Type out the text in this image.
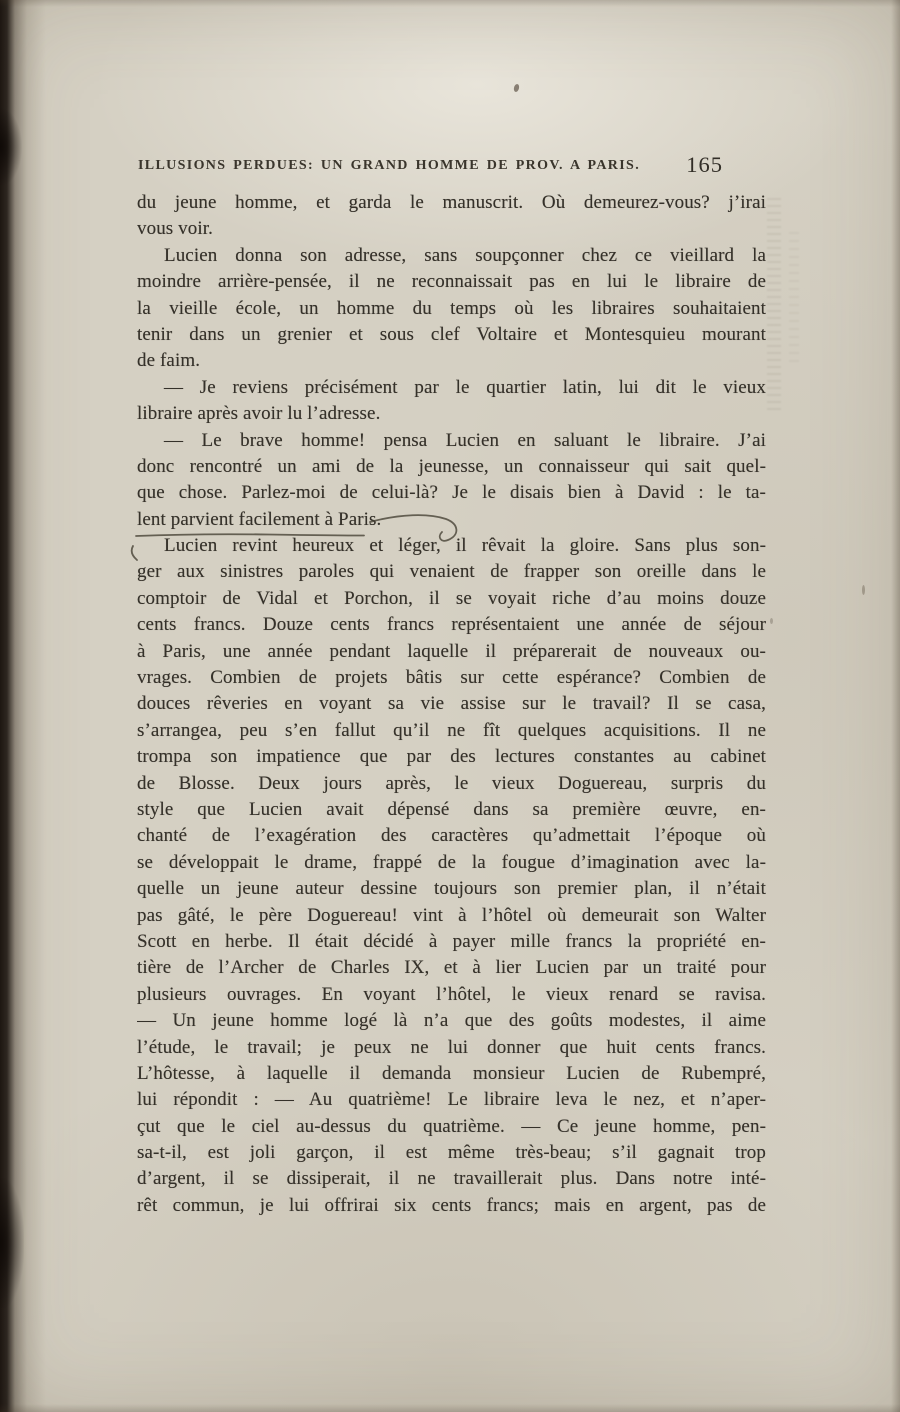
ILLUSIONS PERDUES: UN GRAND HOMME DE PROV. A PARIS. 165
du jeune homme, et garda le manuscrit. Où demeurez-vous? j’irai
vous voir.
Lucien donna son adresse, sans soupçonner chez ce vieillard la
moindre arrière-pensée, il ne reconnaissait pas en lui le libraire de
la vieille école, un homme du temps où les libraires souhaitaient
tenir dans un grenier et sous clef Voltaire et Montesquieu mourant
de faim.
— Je reviens précisément par le quartier latin, lui dit le vieux
libraire après avoir lu l’adresse.
— Le brave homme! pensa Lucien en saluant le libraire. J’ai
donc rencontré un ami de la jeunesse, un connaisseur qui sait quel-
que chose. Parlez-moi de celui-là? Je le disais bien à David : le ta-
lent parvient facilement à Paris.
Lucien revint heureux et léger, il rêvait la gloire. Sans plus son-
ger aux sinistres paroles qui venaient de frapper son oreille dans le
comptoir de Vidal et Porchon, il se voyait riche d’au moins douze
cents francs. Douze cents francs représentaient une année de séjour
à Paris, une année pendant laquelle il préparerait de nouveaux ou-
vrages. Combien de projets bâtis sur cette espérance? Combien de
douces rêveries en voyant sa vie assise sur le travail? Il se casa,
s’arrangea, peu s’en fallut qu’il ne fît quelques acquisitions. Il ne
trompa son impatience que par des lectures constantes au cabinet
de Blosse. Deux jours après, le vieux Doguereau, surpris du
style que Lucien avait dépensé dans sa première œuvre, en-
chanté de l’exagération des caractères qu’admettait l’époque où
se développait le drame, frappé de la fougue d’imagination avec la-
quelle un jeune auteur dessine toujours son premier plan, il n’était
pas gâté, le père Doguereau! vint à l’hôtel où demeurait son Walter
Scott en herbe. Il était décidé à payer mille francs la propriété en-
tière de l’Archer de Charles IX, et à lier Lucien par un traité pour
plusieurs ouvrages. En voyant l’hôtel, le vieux renard se ravisa.
— Un jeune homme logé là n’a que des goûts modestes, il aime
l’étude, le travail; je peux ne lui donner que huit cents francs.
L’hôtesse, à laquelle il demanda monsieur Lucien de Rubempré,
lui répondit : — Au quatrième! Le libraire leva le nez, et n’aper-
çut que le ciel au-dessus du quatrième. — Ce jeune homme, pen-
sa-t-il, est joli garçon, il est même très-beau; s’il gagnait trop
d’argent, il se dissiperait, il ne travaillerait plus. Dans notre inté-
rêt commun, je lui offrirai six cents francs; mais en argent, pas de
